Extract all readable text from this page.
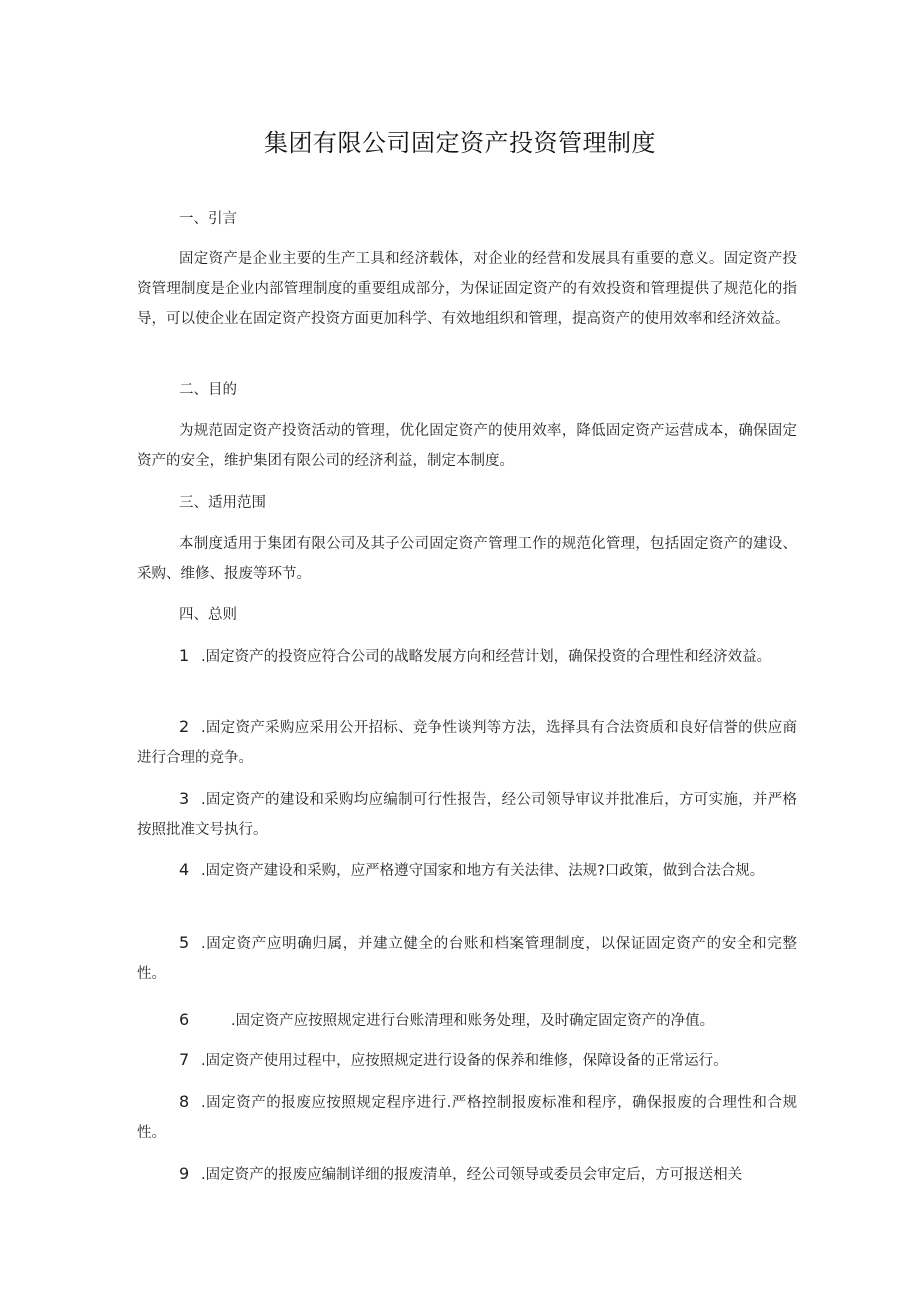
集团有限公司固定资产投资管理制度
一、引言
固定资产是企业主要的生产工具和经济载体，对企业的经营和发展具有重要的意义。固定资产投资管理制度是企业内部管理制度的重要组成部分，为保证固定资产的有效投资和管理提供了规范化的指导，可以使企业在固定资产投资方面更加科学、有效地组织和管理，提高资产的使用效率和经济效益。
二、目的
为规范固定资产投资活动的管理，优化固定资产的使用效率，降低固定资产运营成本，确保固定资产的安全，维护集团有限公司的经济利益，制定本制度。
三、适用范围
本制度适用于集团有限公司及其子公司固定资产管理工作的规范化管理，包括固定资产的建设、采购、维修、报废等环节。
四、总则
1 .固定资产的投资应符合公司的战略发展方向和经营计划，确保投资的合理性和经济效益。
2 .固定资产采购应采用公开招标、竞争性谈判等方法，选择具有合法资质和良好信誉的供应商进行合理的竞争。
3 .固定资产的建设和采购均应编制可行性报告，经公司领导审议并批准后，方可实施，并严格按照批准文号执行。
4 .固定资产建设和采购，应严格遵守国家和地方有关法律、法规?口政策，做到合法合规。
5 .固定资产应明确归属，并建立健全的台账和档案管理制度，以保证固定资产的安全和完整性。
6	.固定资产应按照规定进行台账清理和账务处理，及时确定固定资产的净值。
7 .固定资产使用过程中，应按照规定进行设备的保养和维修，保障设备的正常运行。
8 .固定资产的报废应按照规定程序进行.严格控制报废标准和程序，确保报废的合理性和合规性。
9 .固定资产的报废应编制详细的报废清单，经公司领导或委员会审定后，方可报送相关
